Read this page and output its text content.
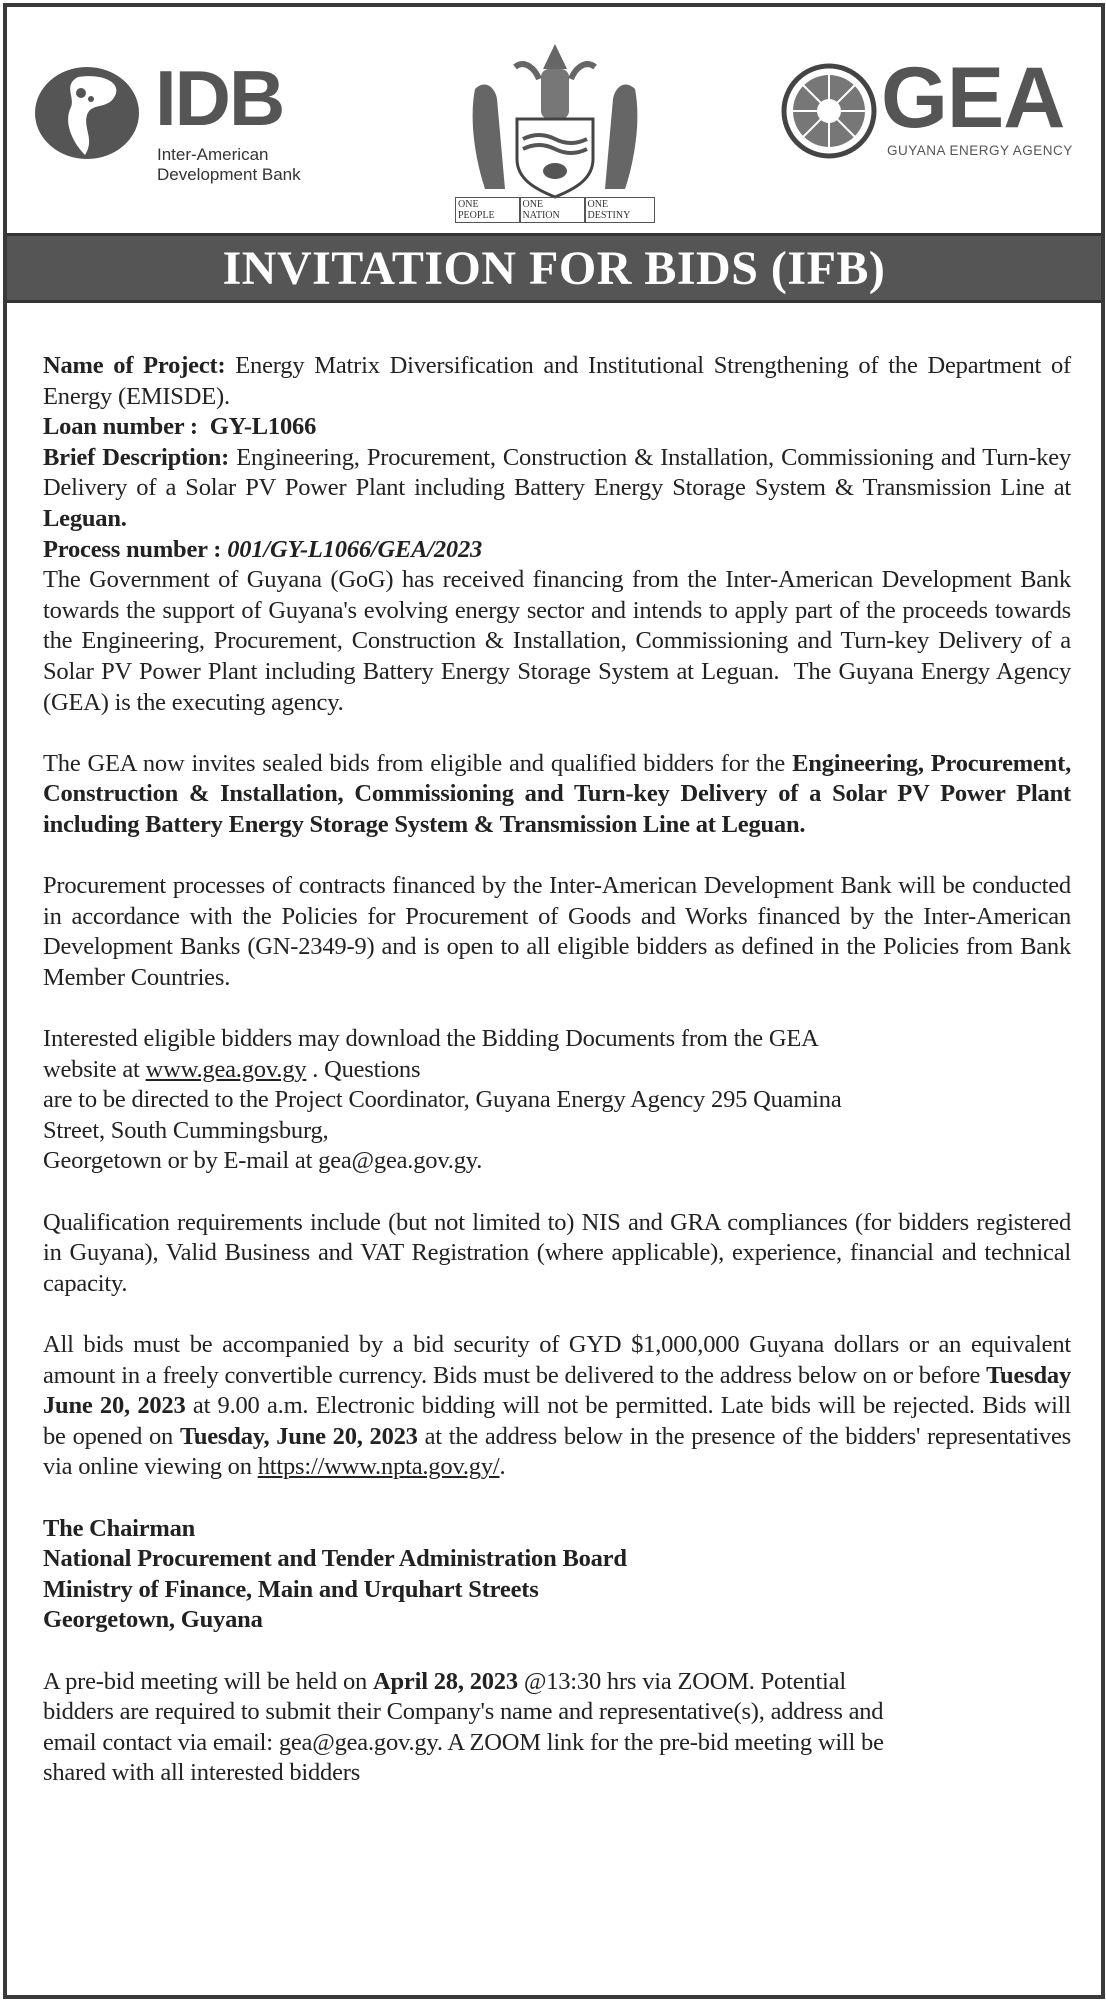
IDB
Inter-American
Development Bank
ONE PEOPLE
ONE NATION
ONE DESTINY
GEA
GUYANA ENERGY AGENCY
INVITATION FOR BIDS (IFB)

Name of Project: Energy Matrix Diversification and Institutional Strengthening of the Department of Energy (EMISDE).

Loan number :  GY-L1066

Brief Description: Engineering, Procurement, Construction & Installation, Commissioning and Turn-key Delivery of a Solar PV Power Plant including Battery Energy Storage System & Transmission Line at Leguan.

Process number : 001/GY-L1066/GEA/2023

The Government of Guyana (GoG) has received financing from the Inter-American Development Bank towards the support of Guyana's evolving energy sector and intends to apply part of the proceeds towards the Engineering, Procurement, Construction & Installation, Commissioning and Turn-key Delivery of a Solar PV Power Plant including Battery Energy Storage System at Leguan.  The Guyana Energy Agency (GEA) is the executing agency.

The GEA now invites sealed bids from eligible and qualified bidders for the Engineering, Procurement, Construction & Installation, Commissioning and Turn-key Delivery of a Solar PV Power Plant including Battery Energy Storage System & Transmission Line at Leguan.

Procurement processes of contracts financed by the Inter-American Development Bank will be conducted in accordance with the Policies for Procurement of Goods and Works financed by the Inter-American Development Banks (GN-2349-9) and is open to all eligible bidders as defined in the Policies from Bank Member Countries.

Interested eligible bidders may download the Bidding Documents from the GEA
website at www.gea.gov.gy . Questions
are to be directed to the Project Coordinator, Guyana Energy Agency 295 Quamina
Street, South Cummingsburg,
Georgetown or by E-mail at gea@gea.gov.gy.

Qualification requirements include (but not limited to) NIS and GRA compliances (for bidders registered in Guyana), Valid Business and VAT Registration (where applicable), experience, financial and technical capacity.

All bids must be accompanied by a bid security of GYD $1,000,000 Guyana dollars or an equivalent amount in a freely convertible currency. Bids must be delivered to the address below on or before Tuesday June 20, 2023 at 9.00 a.m. Electronic bidding will not be permitted. Late bids will be rejected. Bids will be opened on Tuesday, June 20, 2023 at the address below in the presence of the bidders' representatives via online viewing on https://www.npta.gov.gy/.

The Chairman
National Procurement and Tender Administration Board
Ministry of Finance, Main and Urquhart Streets
Georgetown, Guyana

A pre-bid meeting will be held on April 28, 2023 @13:30 hrs via ZOOM. Potential
bidders are required to submit their Company's name and representative(s), address and
email contact via email: gea@gea.gov.gy. A ZOOM link for the pre-bid meeting will be
shared with all interested bidders
